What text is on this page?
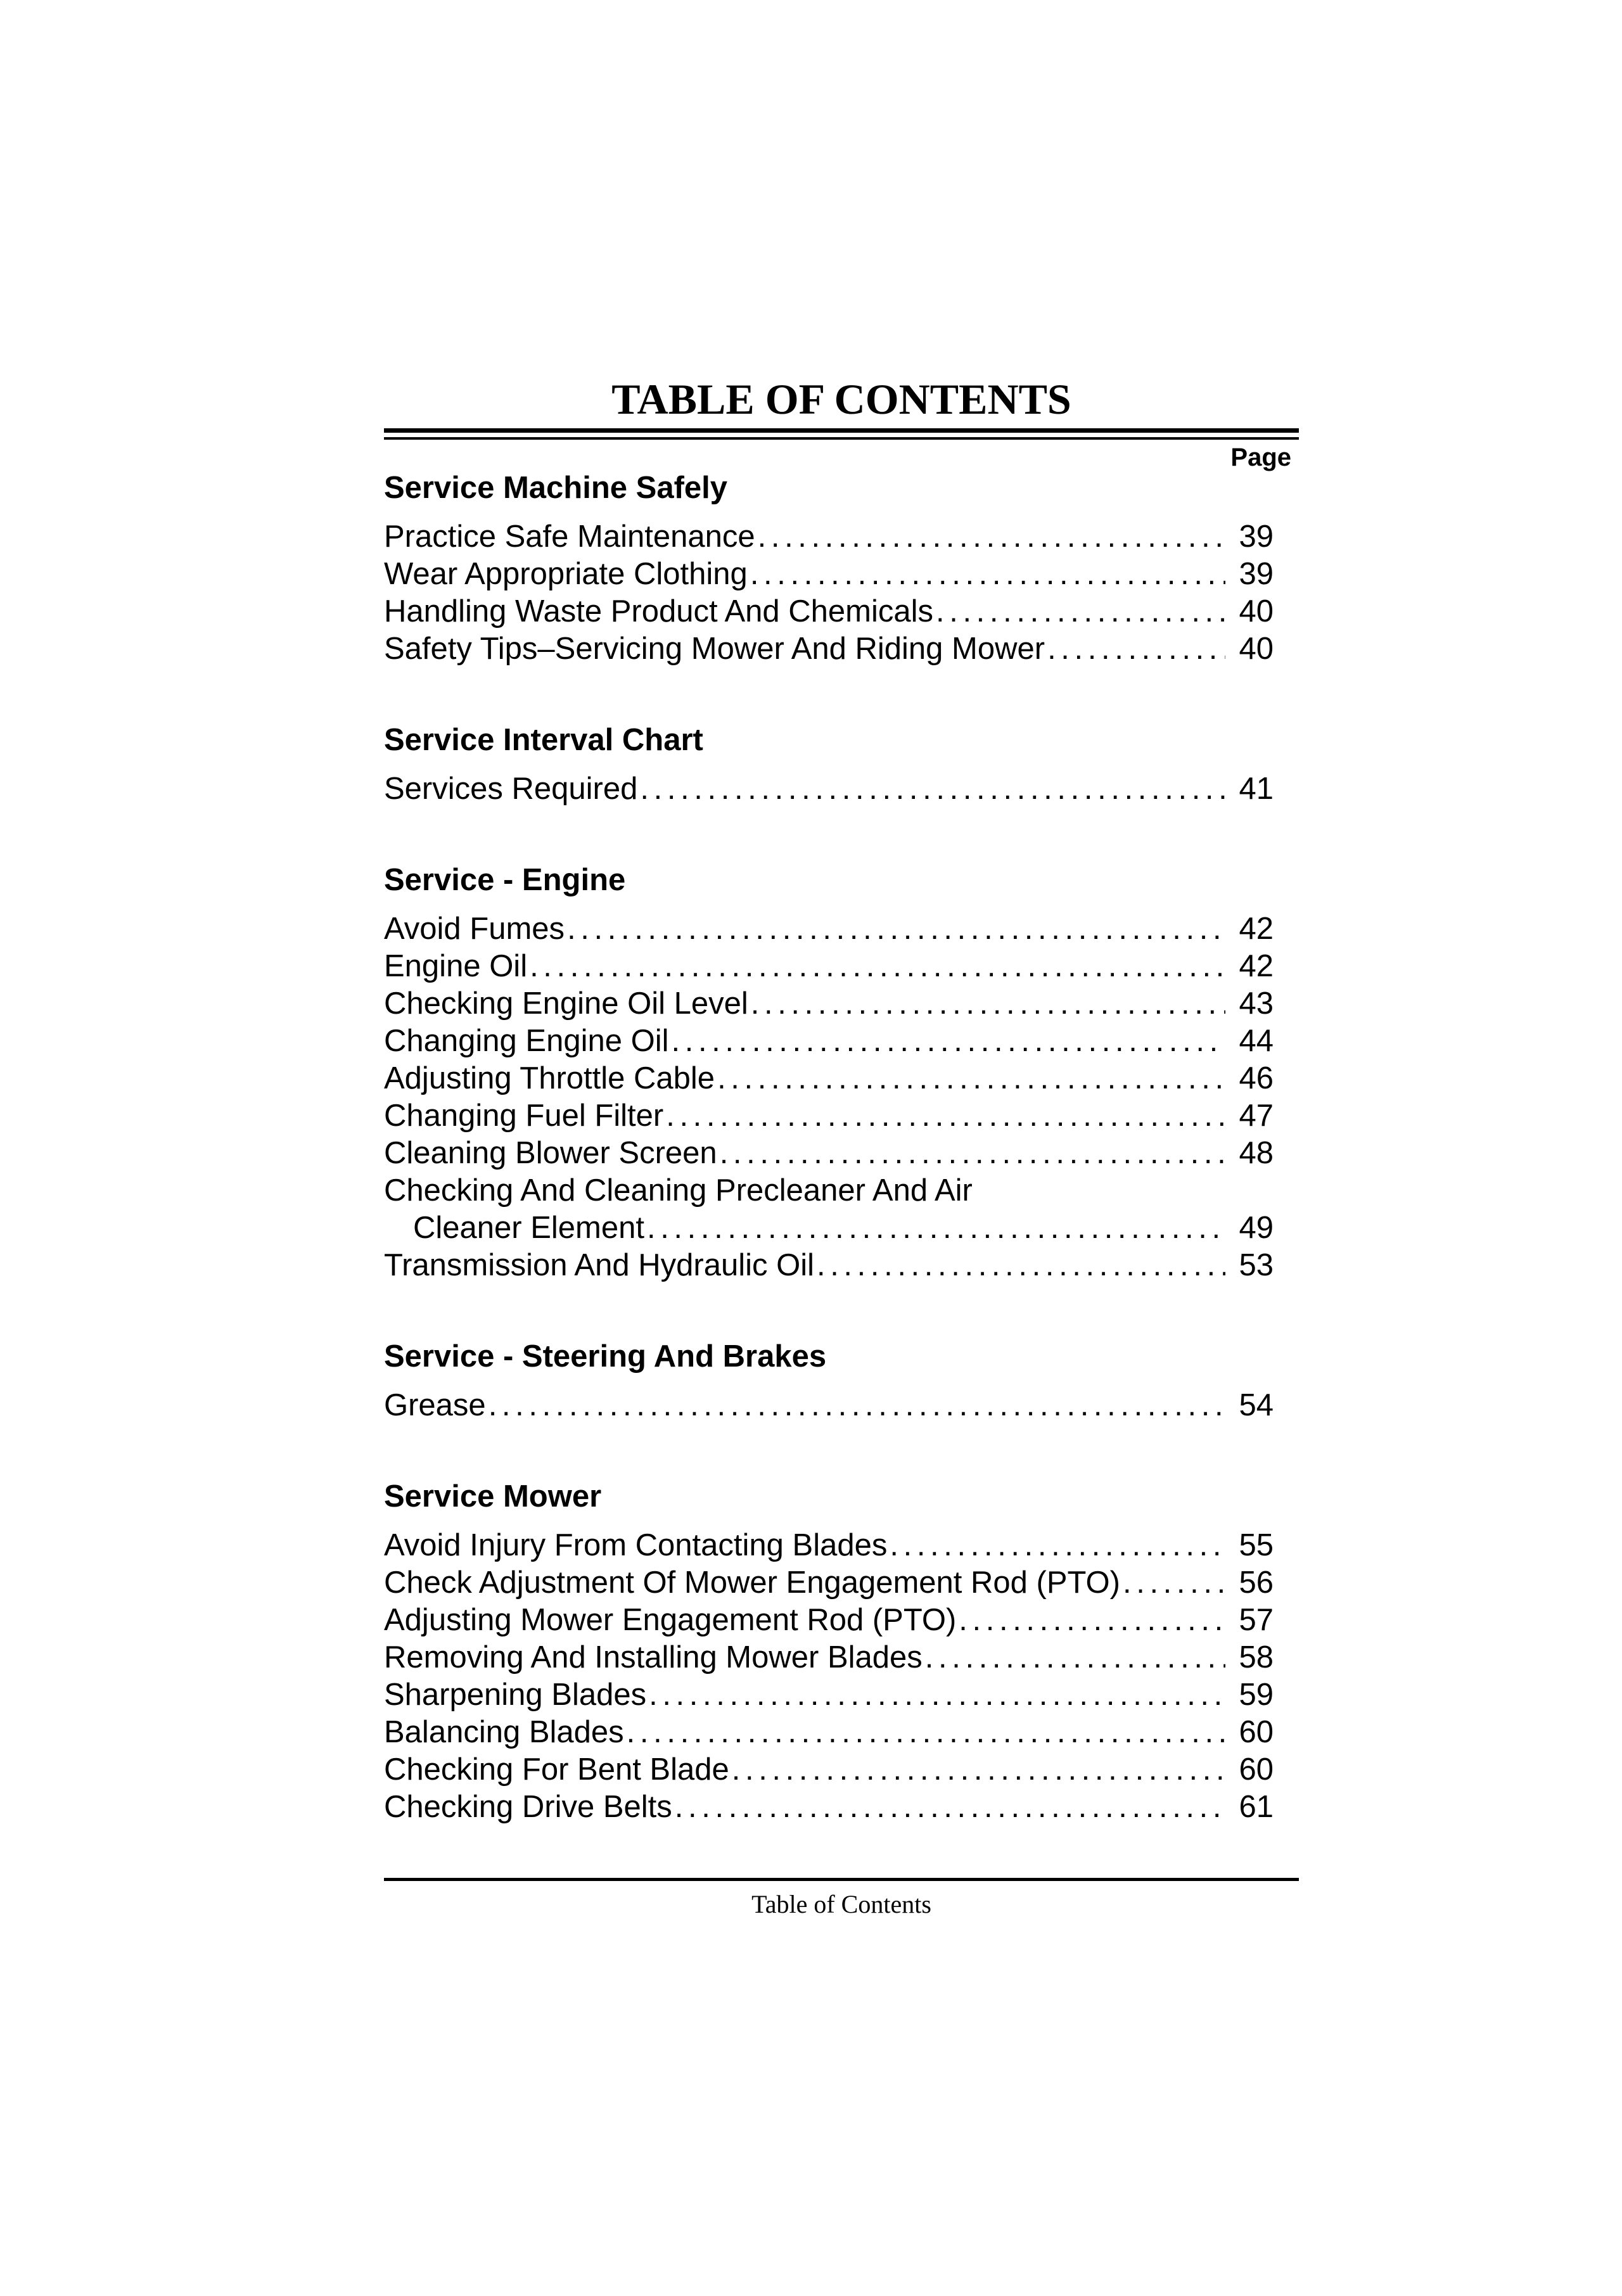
TABLE OF CONTENTS
Page
Service Machine Safely
Practice Safe Maintenance . . .	39
Wear Appropriate Clothing . . .	39
Handling Waste Product And Chemicals . . .	40
Safety Tips–Servicing Mower And Riding Mower . . .	40
Service Interval Chart
Services Required . . .	41
Service - Engine
Avoid Fumes . . .	42
Engine Oil . . .	42
Checking Engine Oil Level . . .	43
Changing Engine Oil . . .	44
Adjusting Throttle Cable . . .	46
Changing Fuel Filter . . .	47
Cleaning Blower Screen . . .	48
Checking And Cleaning Precleaner And Air
Cleaner Element . . .	49
Transmission And Hydraulic Oil . . .	53
Service - Steering And Brakes
Grease . . .	54
Service Mower
Avoid Injury From Contacting Blades . . .	55
Check Adjustment Of Mower Engagement Rod (PTO) . . .	56
Adjusting Mower Engagement Rod (PTO) . . .	57
Removing And Installing Mower Blades . . .	58
Sharpening Blades . . .	59
Balancing Blades . . .	60
Checking For Bent Blade . . .	60
Checking Drive Belts . . .	61
Table of Contents
